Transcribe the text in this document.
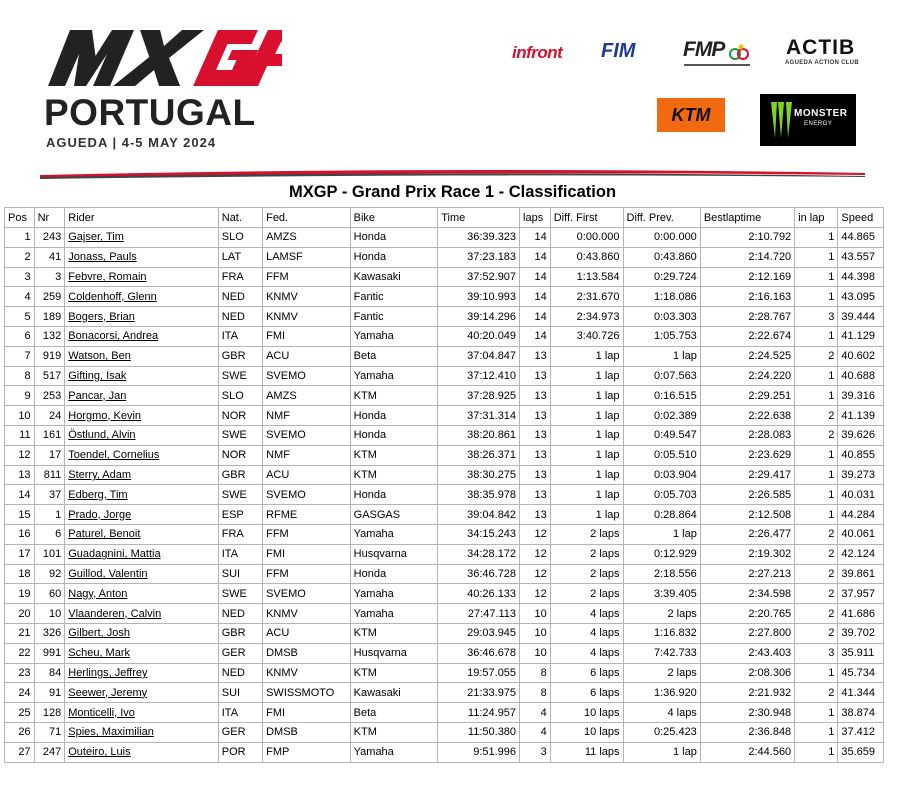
PORTUGAL
AGUEDA | 4-5 MAY 2024
infront FIM FMP	ACTIB
AGUEDA ACTION CLUB
KTM	MONSTER
ENERGY
MXGP - Grand Prix Race 1 - Classification
Pos	Nr	Rider	Nat.	Fed.	Bike	Time	laps	Diff. First	Diff. Prev.	Bestlaptime	in lap	Speed
1	243	Gajser, Tim	SLO	AMZS	Honda	36:39.323	14	0:00.000	0:00.000	2:10.792	1	44.865
2	41	Jonass, Pauls	LAT	LAMSF	Honda	37:23.183	14	0:43.860	0:43.860	2:14.720	1	43.557
3	3	Febvre, Romain	FRA	FFM	Kawasaki	37:52.907	14	1:13.584	0:29.724	2:12.169	1	44.398
4	259	Coldenhoff, Glenn	NED	KNMV	Fantic	39:10.993	14	2:31.670	1:18.086	2:16.163	1	43.095
5	189	Bogers, Brian	NED	KNMV	Fantic	39:14.296	14	2:34.973	0:03.303	2:28.767	3	39.444
6	132	Bonacorsi, Andrea	ITA	FMI	Yamaha	40:20.049	14	3:40.726	1:05.753	2:22.674	1	41.129
7	919	Watson, Ben	GBR	ACU	Beta	37:04.847	13	1 lap	1 lap	2:24.525	2	40.602
8	517	Gifting, Isak	SWE	SVEMO	Yamaha	37:12.410	13	1 lap	0:07.563	2:24.220	1	40.688
9	253	Pancar, Jan	SLO	AMZS	KTM	37:28.925	13	1 lap	0:16.515	2:29.251	1	39.316
10	24	Horgmo, Kevin	NOR	NMF	Honda	37:31.314	13	1 lap	0:02.389	2:22.638	2	41.139
11	161	Östlund, Alvin	SWE	SVEMO	Honda	38:20.861	13	1 lap	0:49.547	2:28.083	2	39.626
12	17	Toendel, Cornelius	NOR	NMF	KTM	38:26.371	13	1 lap	0:05.510	2:23.629	1	40.855
13	811	Sterry, Adam	GBR	ACU	KTM	38:30.275	13	1 lap	0:03.904	2:29.417	1	39.273
14	37	Edberg, Tim	SWE	SVEMO	Honda	38:35.978	13	1 lap	0:05.703	2:26.585	1	40.031
15	1	Prado, Jorge	ESP	RFME	GASGAS	39:04.842	13	1 lap	0:28.864	2:12.508	1	44.284
16	6	Paturel, Benoit	FRA	FFM	Yamaha	34:15.243	12	2 laps	1 lap	2:26.477	2	40.061
17	101	Guadagnini, Mattia	ITA	FMI	Husqvarna	34:28.172	12	2 laps	0:12.929	2:19.302	2	42.124
18	92	Guillod, Valentin	SUI	FFM	Honda	36:46.728	12	2 laps	2:18.556	2:27.213	2	39.861
19	60	Nagy, Anton	SWE	SVEMO	Yamaha	40:26.133	12	2 laps	3:39.405	2:34.598	2	37.957
20	10	Vlaanderen, Calvin	NED	KNMV	Yamaha	27:47.113	10	4 laps	2 laps	2:20.765	2	41.686
21	326	Gilbert, Josh	GBR	ACU	KTM	29:03.945	10	4 laps	1:16.832	2:27.800	2	39.702
22	991	Scheu, Mark	GER	DMSB	Husqvarna	36:46.678	10	4 laps	7:42.733	2:43.403	3	35.911
23	84	Herlings, Jeffrey	NED	KNMV	KTM	19:57.055	8	6 laps	2 laps	2:08.306	1	45.734
24	91	Seewer, Jeremy	SUI	SWISSMOTO	Kawasaki	21:33.975	8	6 laps	1:36.920	2:21.932	2	41.344
25	128	Monticelli, Ivo	ITA	FMI	Beta	11:24.957	4	10 laps	4 laps	2:30.948	1	38.874
26	71	Spies, Maximilian	GER	DMSB	KTM	11:50.380	4	10 laps	0:25.423	2:36.848	1	37.412
27	247	Outeiro, Luis	POR	FMP	Yamaha	9:51.996	3	11 laps	1 lap	2:44.560	1	35.659
